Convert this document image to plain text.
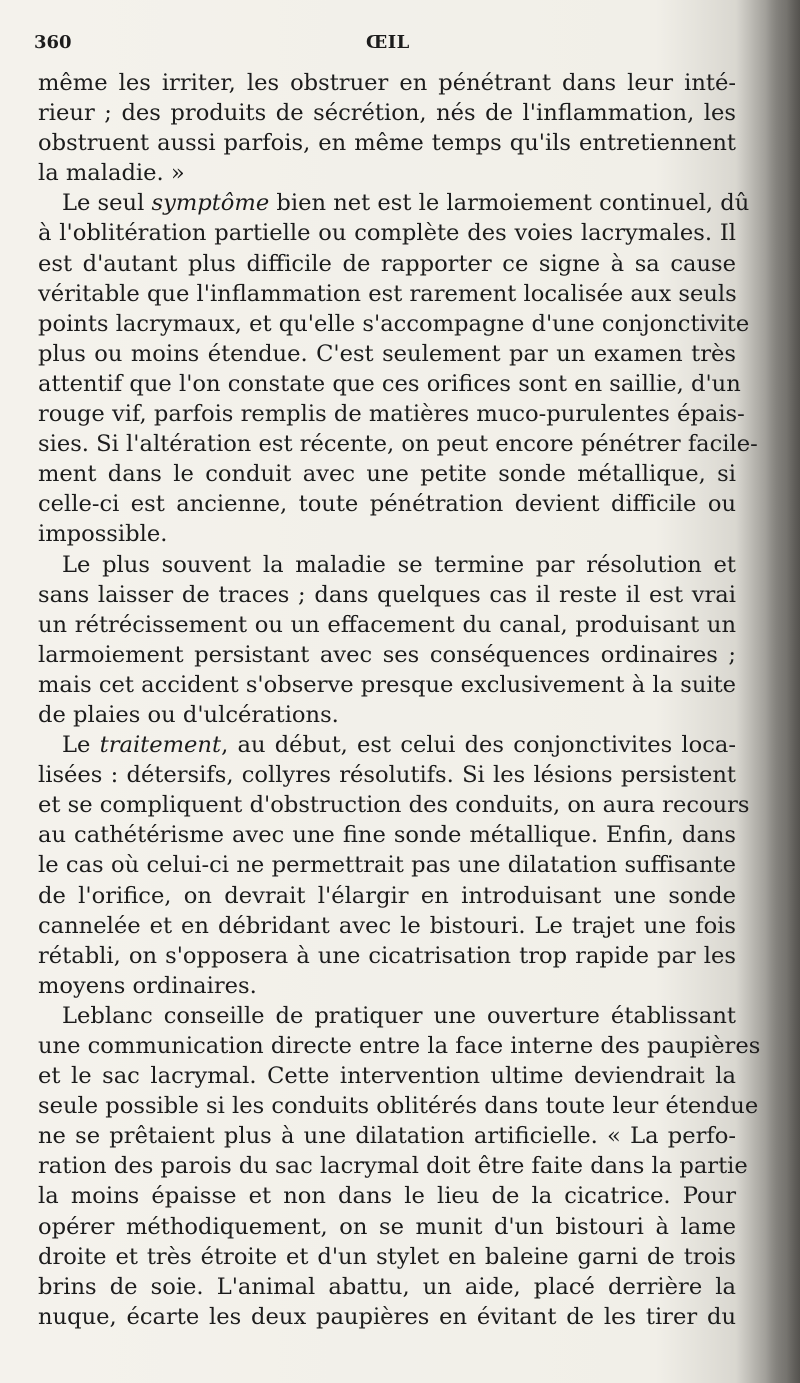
360	ŒIL
même les irriter, les obstruer en pénétrant dans leur inté-
rieur ; des produits de sécrétion, nés de l'inflammation, les
obstruent aussi parfois, en même temps qu'ils entretiennent
la maladie. »
Le seul symptôme bien net est le larmoiement continuel, dû
à l'oblitération partielle ou complète des voies lacrymales. Il
est d'autant plus difficile de rapporter ce signe à sa cause
véritable que l'inflammation est rarement localisée aux seuls
points lacrymaux, et qu'elle s'accompagne d'une conjonctivite
plus ou moins étendue. C'est seulement par un examen très
attentif que l'on constate que ces orifices sont en saillie, d'un
rouge vif, parfois remplis de matières muco-purulentes épais-
sies. Si l'altération est récente, on peut encore pénétrer facile-
ment dans le conduit avec une petite sonde métallique, si
celle-ci est ancienne, toute pénétration devient difficile ou
impossible.
Le plus souvent la maladie se termine par résolution et
sans laisser de traces ; dans quelques cas il reste il est vrai
un rétrécissement ou un effacement du canal, produisant un
larmoiement persistant avec ses conséquences ordinaires ;
mais cet accident s'observe presque exclusivement à la suite
de plaies ou d'ulcérations.
Le traitement, au début, est celui des conjonctivites loca-
lisées : détersifs, collyres résolutifs. Si les lésions persistent
et se compliquent d'obstruction des conduits, on aura recours
au cathétérisme avec une fine sonde métallique. Enfin, dans
le cas où celui-ci ne permettrait pas une dilatation suffisante
de l'orifice, on devrait l'élargir en introduisant une sonde
cannelée et en débridant avec le bistouri. Le trajet une fois
rétabli, on s'opposera à une cicatrisation trop rapide par les
moyens ordinaires.
Leblanc conseille de pratiquer une ouverture établissant
une communication directe entre la face interne des paupières
et le sac lacrymal. Cette intervention ultime deviendrait la
seule possible si les conduits oblitérés dans toute leur étendue
ne se prêtaient plus à une dilatation artificielle. « La perfo-
ration des parois du sac lacrymal doit être faite dans la partie
la moins épaisse et non dans le lieu de la cicatrice. Pour
opérer méthodiquement, on se munit d'un bistouri à lame
droite et très étroite et d'un stylet en baleine garni de trois
brins de soie. L'animal abattu, un aide, placé derrière la
nuque, écarte les deux paupières en évitant de les tirer du
